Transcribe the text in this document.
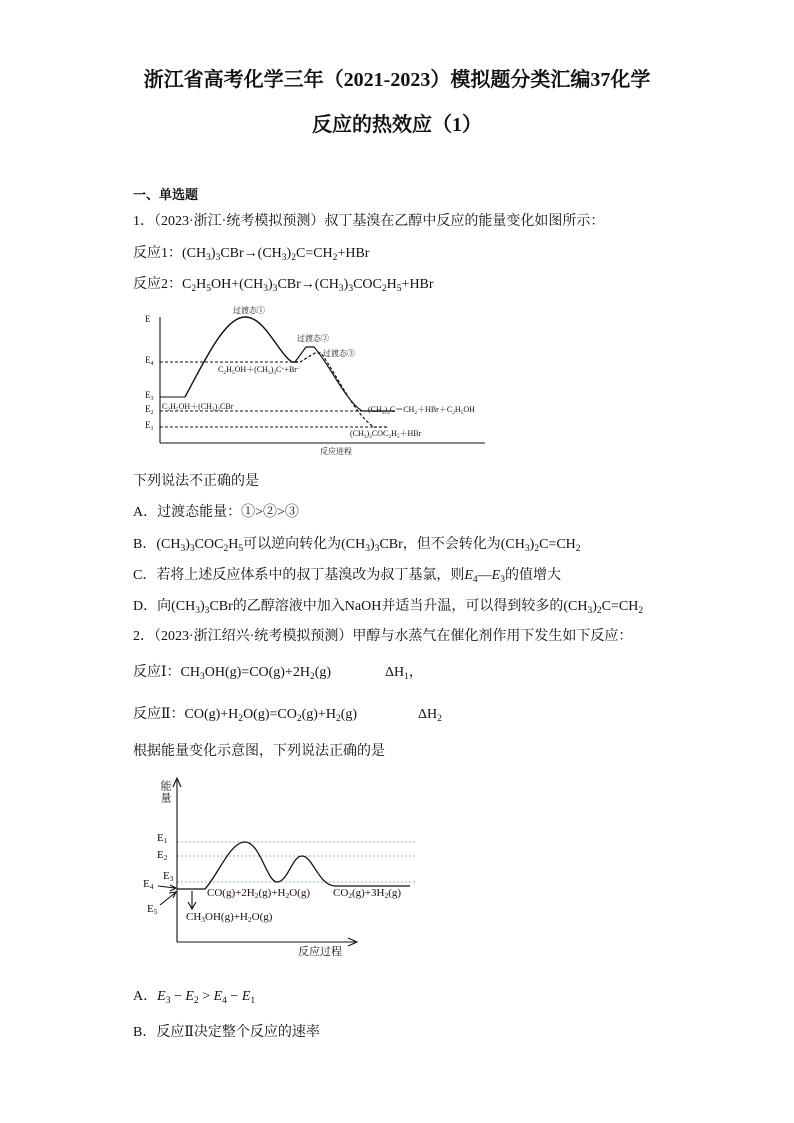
浙江省高考化学三年（2021-2023）模拟题分类汇编37化学
反应的热效应（1）
一、单选题
1．（2023·浙江·统考模拟预测）叔丁基溴在乙醇中反应的能量变化如图所示：
反应1：$(CH_3)_3CBr\to(CH_3)_2C=CH_2+HBr$
反应2：$C_2H_5OH+(CH_3)_3CBr\to(CH_3)_3COC_2H_5+HBr$
E
$E_4$
$E_3$
$E_2$
$E_1$
过渡态①
过渡态②
过渡态③
$C_2H_5OH+(CH_3)_3C^++Br^-$
$C_2H_5OH+(CH_3)_3CBr$	$(CH_3)_2C=CH_2+HBr+C_2H_5OH$
$(CH_3)_3COC_2H_5+HBr$
反应进程
下列说法不正确的是
A．过渡态能量：①>②>③
B．$(CH_3)_3COC_2H_5$可以逆向转化为$(CH_3)_3CBr$，但不会转化为$(CH_3)_2C=CH_2$
C．若将上述反应体系中的叔丁基溴改为叔丁基氯，则$E_4—E_3$的值增大
D．向$(CH_3)_3CBr$的乙醇溶液中加入NaOH并适当升温，可以得到较多的$(CH_3)_2C=CH_2$
2．（2023·浙江绍兴·统考模拟预测）甲醇与水蒸气在催化剂作用下发生如下反应：
反应Ⅰ：$CH_3OH(g)=CO(g)+2H_2(g)$	$\Delta H_1$，
反应Ⅱ：$CO(g)+H_2O(g)=CO_2(g)+H_2(g)$	$\Delta H_2$
根据能量变化示意图，下列说法正确的是
能量
$E_1$
$E_2$
$E_3$
$E_4$
$E_5$
$CO(g)+2H_2(g)+H_2O(g)$ $CO_2(g)+3H_2(g)$
$CH_3OH(g)+H_2O(g)$
反应过程
A．$E_3 - E_2 > E_4 - E_1$
B．反应Ⅱ决定整个反应的速率
